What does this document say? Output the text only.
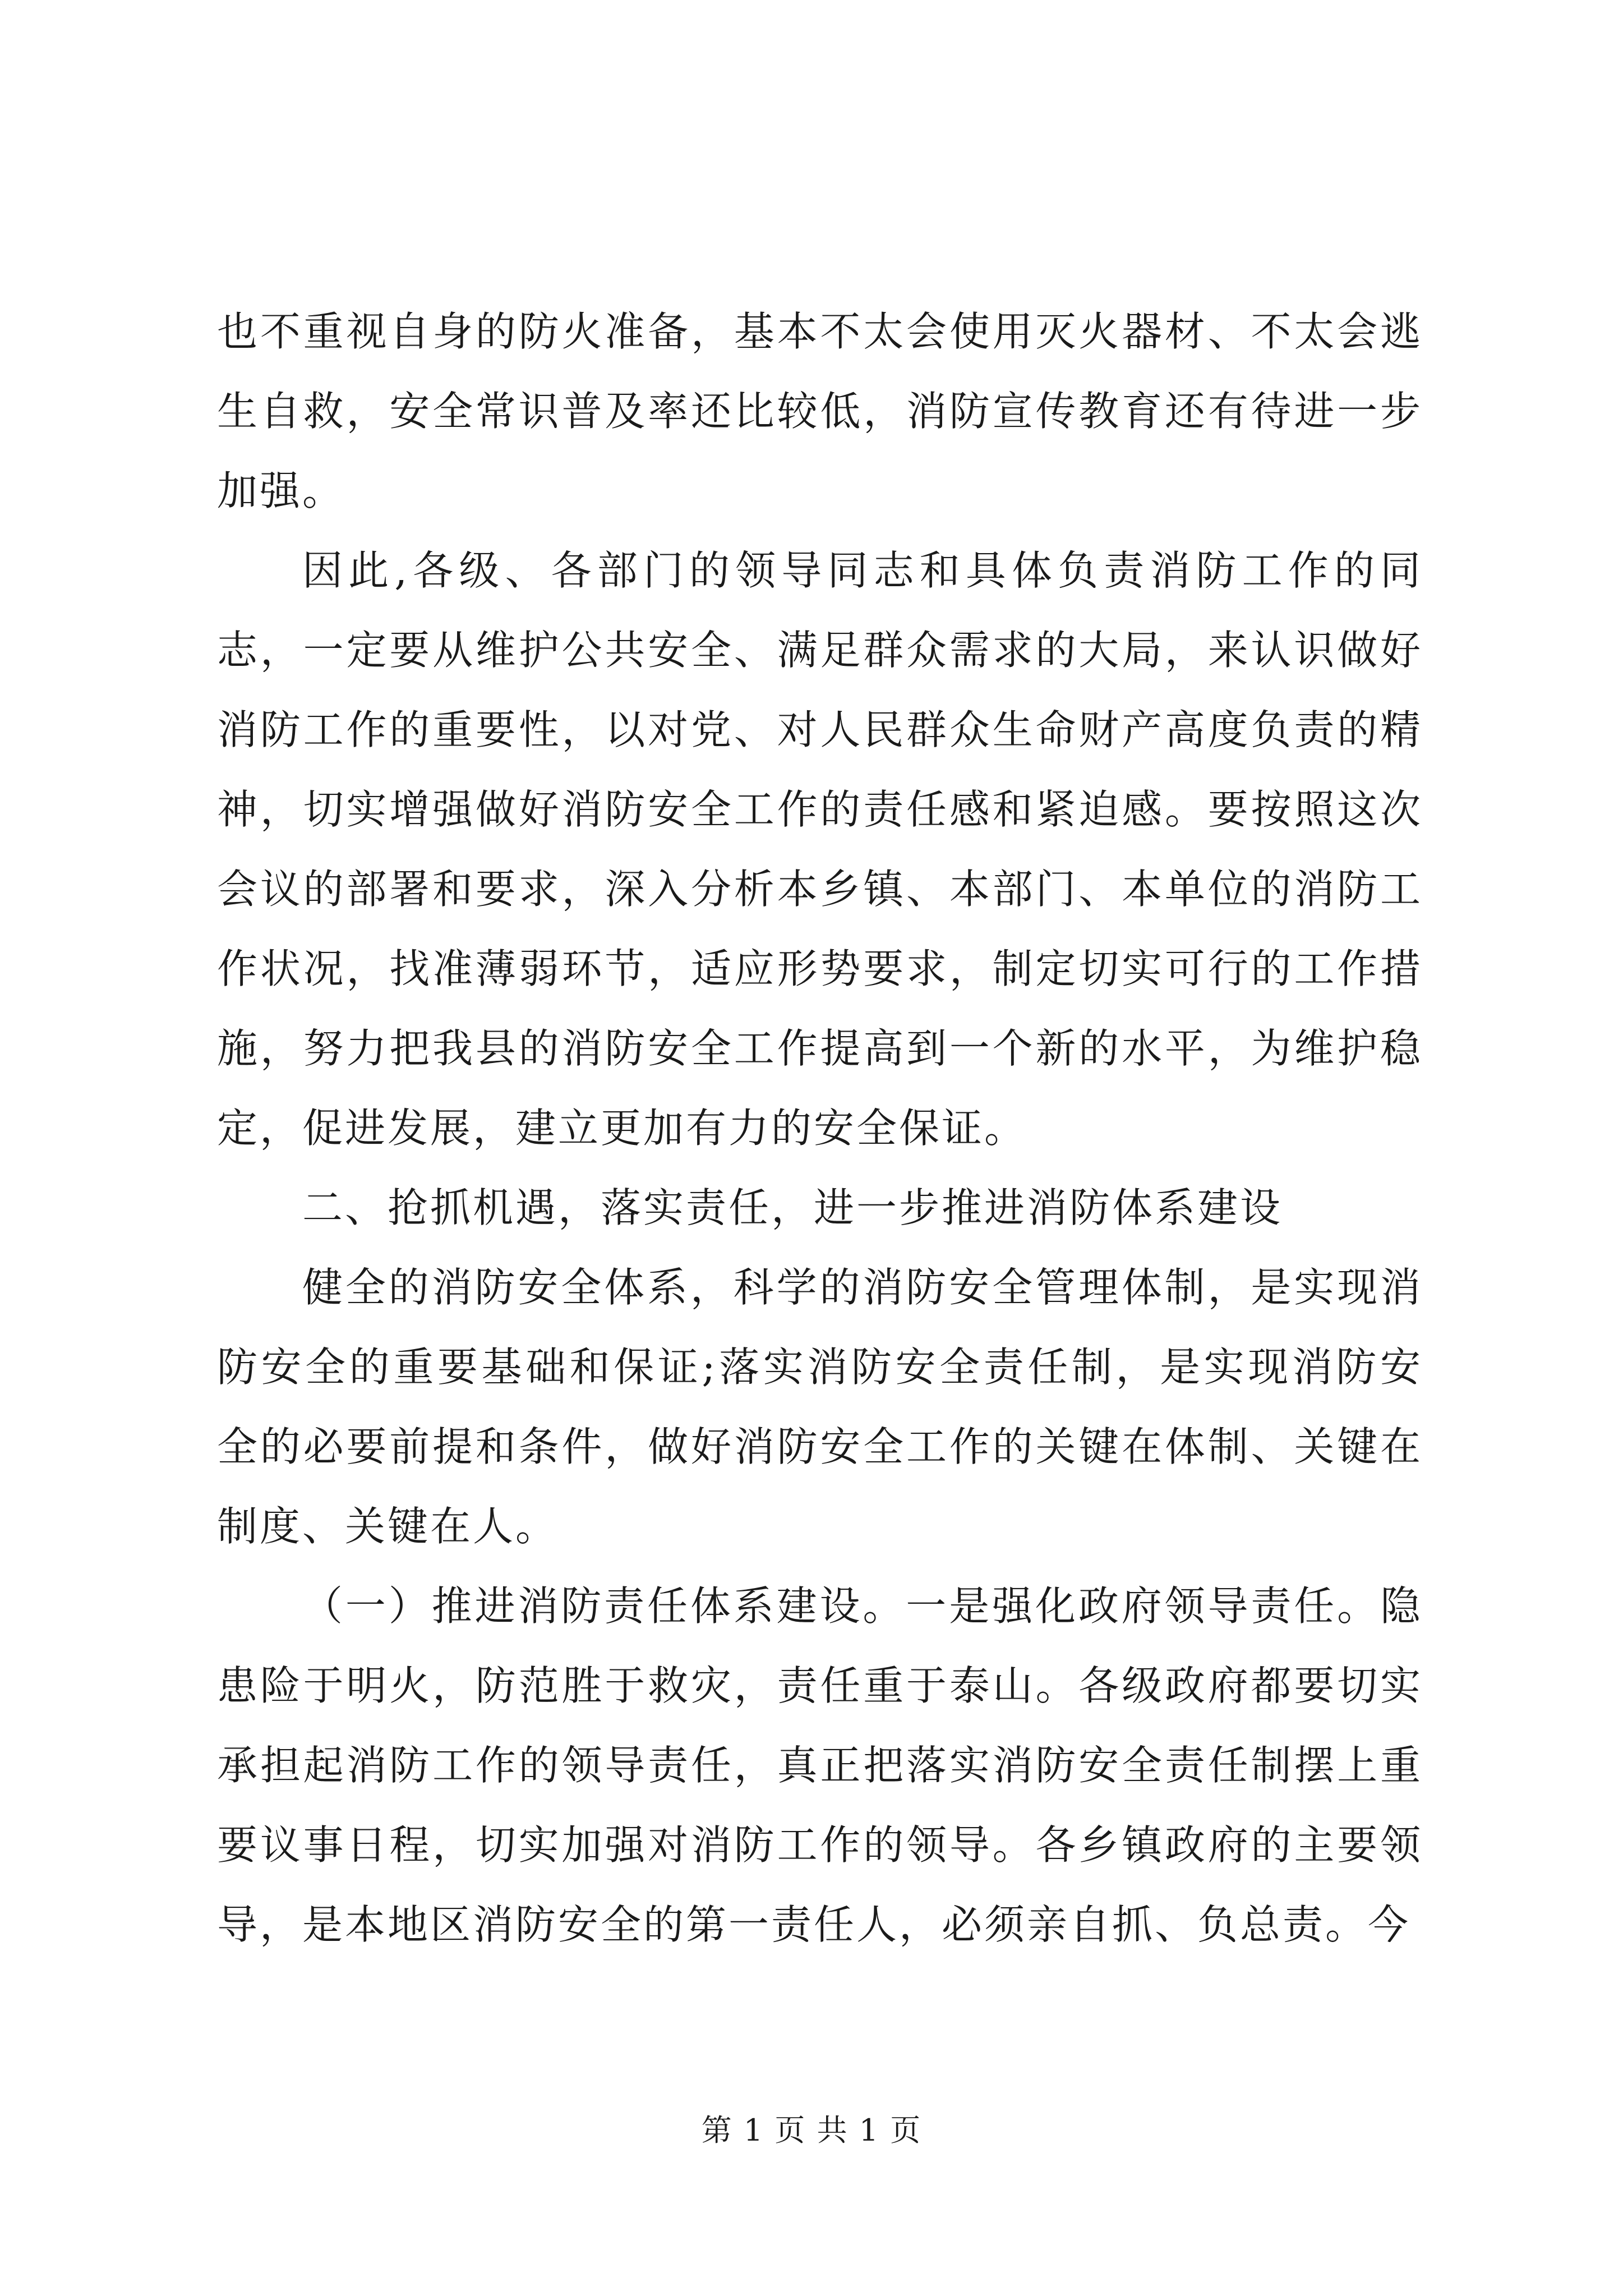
也不重视自身的防火准备，基本不太会使用灭火器材、不太会逃生自救，安全常识普及率还比较低，消防宣传教育还有待进一步加强。

因此,各级、各部门的领导同志和具体负责消防工作的同志，一定要从维护公共安全、满足群众需求的大局，来认识做好消防工作的重要性，以对党、对人民群众生命财产高度负责的精神，切实增强做好消防安全工作的责任感和紧迫感。要按照这次会议的部署和要求，深入分析本乡镇、本部门、本单位的消防工作状况，找准薄弱环节，适应形势要求，制定切实可行的工作措施，努力把我县的消防安全工作提高到一个新的水平，为维护稳定，促进发展，建立更加有力的安全保证。

二、抢抓机遇，落实责任，进一步推进消防体系建设

健全的消防安全体系，科学的消防安全管理体制，是实现消防安全的重要基础和保证;落实消防安全责任制，是实现消防安全的必要前提和条件，做好消防安全工作的关键在体制、关键在制度、关键在人。

（一）推进消防责任体系建设。一是强化政府领导责任。隐患险于明火，防范胜于救灾，责任重于泰山。各级政府都要切实承担起消防工作的领导责任，真正把落实消防安全责任制摆上重要议事日程，切实加强对消防工作的领导。各乡镇政府的主要领导，是本地区消防安全的第一责任人，必须亲自抓、负总责。今

第 1 页 共 1 页
